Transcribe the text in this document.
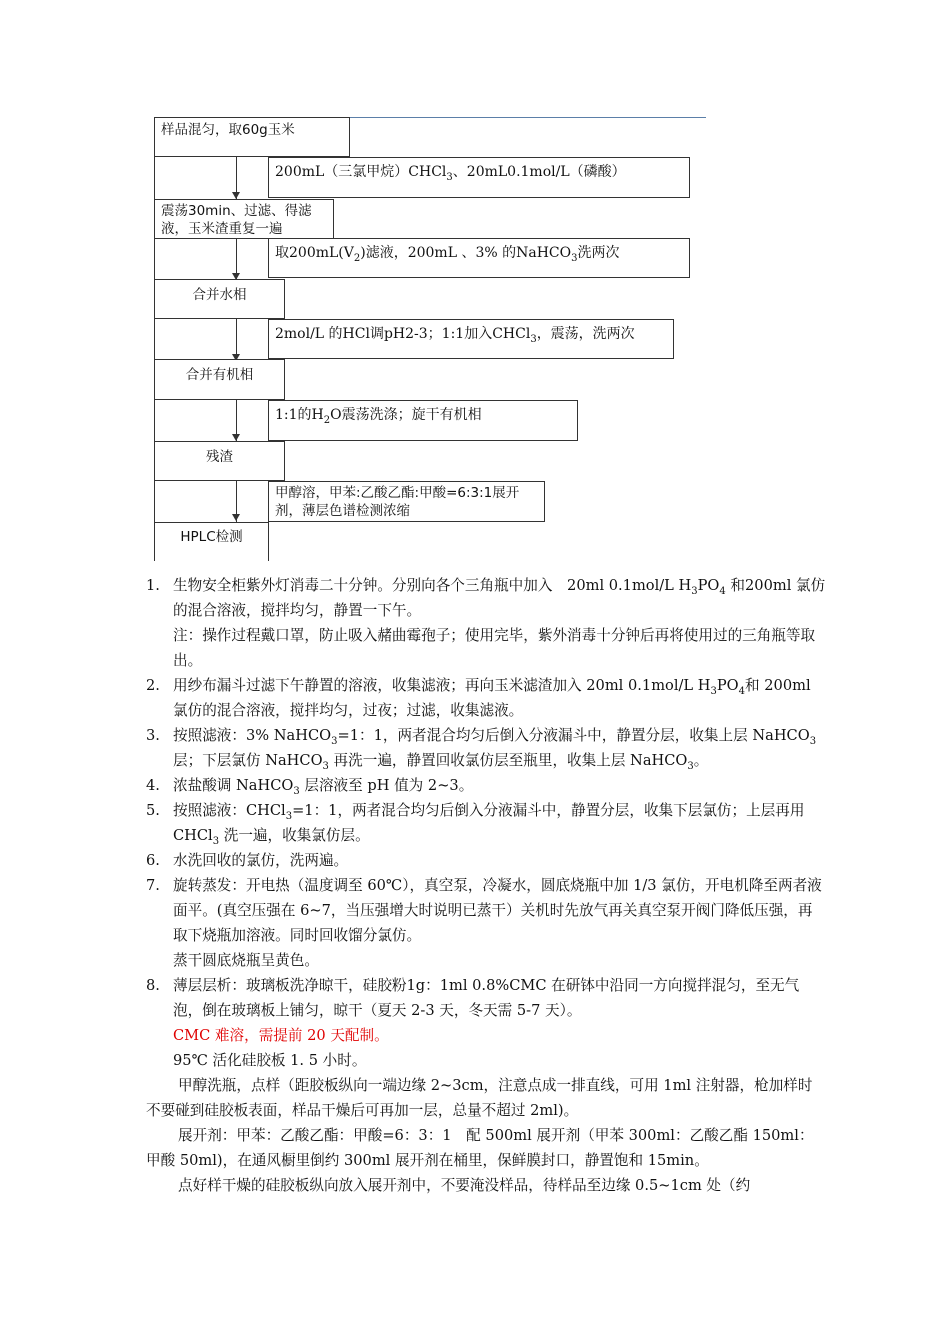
样品混匀，取60g玉米
200mL（三氯甲烷）CHCl$_3$、20mL0.1mol/L（磷酸）
震荡30min、过滤、得滤液，玉米渣重复一遍
取$200mL(V_2)$滤液，200mL 、3% 的NaHCO$_3$洗两次
合并水相
2mol/L 的HCl调pH2-3；1:1加入CHCl$_3$，震荡，洗两次
合并有机相
1:1的$H_2O$震荡洗涤；旋干有机相
残渣
甲醇溶，甲苯:乙酸乙酯:甲酸=6:3:1展开剂，薄层色谱检测浓缩
HPLC检测
1. 生物安全柜紫外灯消毒二十分钟。分别向各个三角瓶中加入　20ml 0.1mol/L $H_3PO_4$ 和200ml 氯仿的混合溶液，搅拌均匀，静置一下午。
注：操作过程戴口罩，防止吸入赭曲霉孢子；使用完毕，紫外消毒十分钟后再将使用过的三角瓶等取出。
2. 用纱布漏斗过滤下午静置的溶液，收集滤液；再向玉米滤渣加入 20ml 0.1mol/L $H_3PO_4$和 200ml 氯仿的混合溶液，搅拌均匀，过夜；过滤，收集滤液。
3. 按照滤液：3% NaHCO$_3$=1：1，两者混合均匀后倒入分液漏斗中，静置分层，收集上层 NaHCO$_3$ 层；下层氯仿 NaHCO$_3$ 再洗一遍，静置回收氯仿层至瓶里，收集上层 NaHCO$_3$。
4. 浓盐酸调 NaHCO$_3$ 层溶液至 pH 值为 2~3。
5. 按照滤液：CHCl$_3$=1：1，两者混合均匀后倒入分液漏斗中，静置分层，收集下层氯仿；上层再用 CHCl$_3$ 洗一遍，收集氯仿层。
6. 水洗回收的氯仿，洗两遍。
7. 旋转蒸发：开电热（温度调至 60℃），真空泵，冷凝水，圆底烧瓶中加 1/3 氯仿，开电机降至两者液面平。(真空压强在 6~7，当压强增大时说明已蒸干）关机时先放气再关真空泵开阀门降低压强，再取下烧瓶加溶液。同时回收馏分氯仿。
蒸干圆底烧瓶呈黄色。
8. 薄层层析：玻璃板洗净晾干，硅胶粉1g：1ml 0.8%CMC 在研钵中沿同一方向搅拌混匀，至无气泡，倒在玻璃板上铺匀，晾干（夏天 2-3 天，冬天需 5-7 天）。
CMC 难溶，需提前 20 天配制。
95℃ 活化硅胶板 1. 5 小时。
甲醇洗瓶，点样（距胶板纵向一端边缘 2~3cm，注意点成一排直线，可用 1ml 注射器，枪加样时不要碰到硅胶板表面，样品干燥后可再加一层，总量不超过 2ml)。
展开剂：甲苯：乙酸乙酯：甲酸=6：3：1　配 500ml 展开剂（甲苯 300ml：乙酸乙酯 150ml：甲酸 50ml)，在通风橱里倒约 300ml 展开剂在桶里，保鲜膜封口，静置饱和 15min。
点好样干燥的硅胶板纵向放入展开剂中，不要淹没样品，待样品至边缘 0.5~1cm 处（约
